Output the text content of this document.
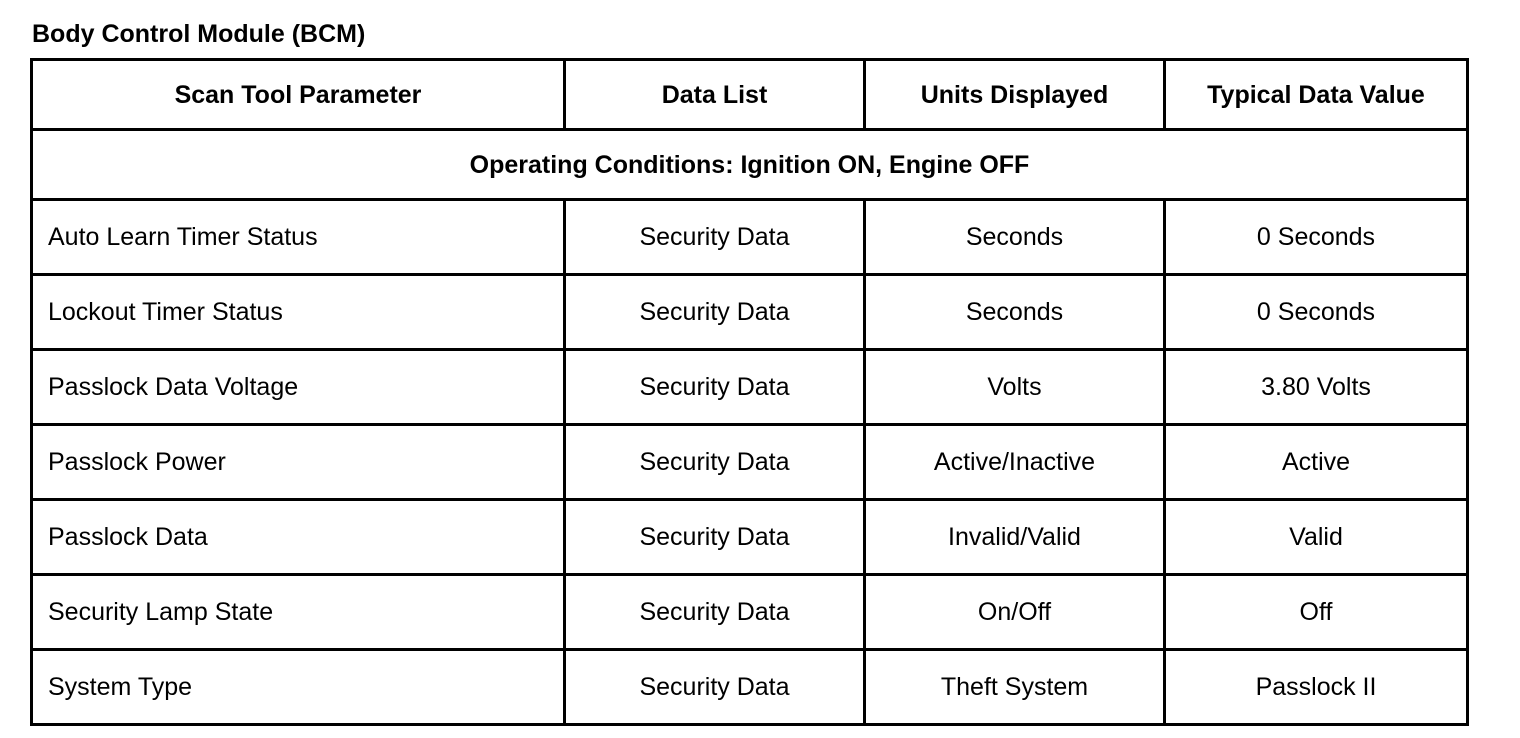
Body Control Module (BCM)
Scan Tool Parameter	Data List	Units Displayed	Typical Data Value
Operating Conditions: Ignition ON, Engine OFF			
Auto Learn Timer Status	Security Data	Seconds	0 Seconds
Lockout Timer Status	Security Data	Seconds	0 Seconds
Passlock Data Voltage	Security Data	Volts	3.80 Volts
Passlock Power	Security Data	Active/Inactive	Active
Passlock Data	Security Data	Invalid/Valid	Valid
Security Lamp State	Security Data	On/Off	Off
System Type	Security Data	Theft System	Passlock II
